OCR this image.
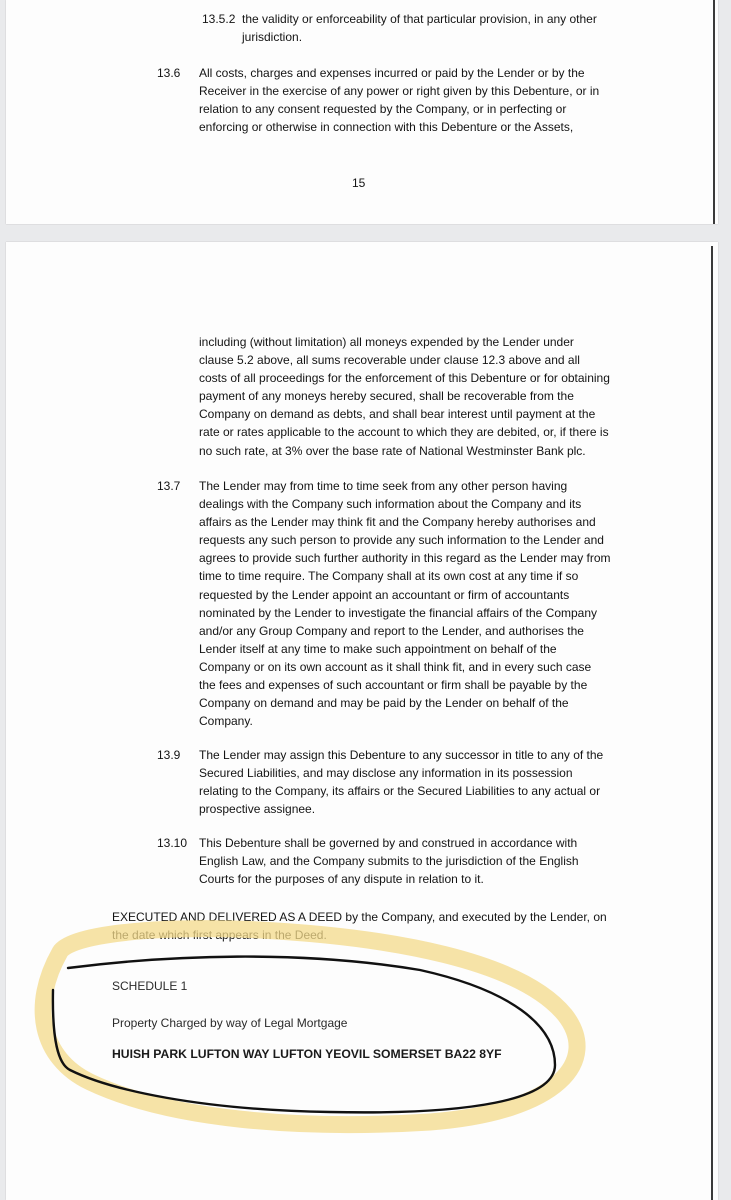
13.5.2 the validity or enforceability of that particular provision, in any other
jurisdiction.
13.6 All costs, charges and expenses incurred or paid by the Lender or by the
Receiver in the exercise of any power or right given by this Debenture, or in
relation to any consent requested by the Company, or in perfecting or
enforcing or otherwise in connection with this Debenture or the Assets,
15
including (without limitation) all moneys expended by the Lender under
clause 5.2 above, all sums recoverable under clause 12.3 above and all
costs of all proceedings for the enforcement of this Debenture or for obtaining
payment of any moneys hereby secured, shall be recoverable from the
Company on demand as debts, and shall bear interest until payment at the
rate or rates applicable to the account to which they are debited, or, if there is
no such rate, at 3% over the base rate of National Westminster Bank plc.
13.7 The Lender may from time to time seek from any other person having
dealings with the Company such information about the Company and its
affairs as the Lender may think fit and the Company hereby authorises and
requests any such person to provide any such information to the Lender and
agrees to provide such further authority in this regard as the Lender may from
time to time require. The Company shall at its own cost at any time if so
requested by the Lender appoint an accountant or firm of accountants
nominated by the Lender to investigate the financial affairs of the Company
and/or any Group Company and report to the Lender, and authorises the
Lender itself at any time to make such appointment on behalf of the
Company or on its own account as it shall think fit, and in every such case
the fees and expenses of such accountant or firm shall be payable by the
Company on demand and may be paid by the Lender on behalf of the
Company.
13.9 The Lender may assign this Debenture to any successor in title to any of the
Secured Liabilities, and may disclose any information in its possession
relating to the Company, its affairs or the Secured Liabilities to any actual or
prospective assignee.
13.10 This Debenture shall be governed by and construed in accordance with
English Law, and the Company submits to the jurisdiction of the English
Courts for the purposes of any dispute in relation to it.
EXECUTED AND DELIVERED AS A DEED by the Company, and executed by the Lender, on
the date which first appears in the Deed.
SCHEDULE 1
Property Charged by way of Legal Mortgage
HUISH PARK LUFTON WAY LUFTON YEOVIL SOMERSET BA22 8YF
